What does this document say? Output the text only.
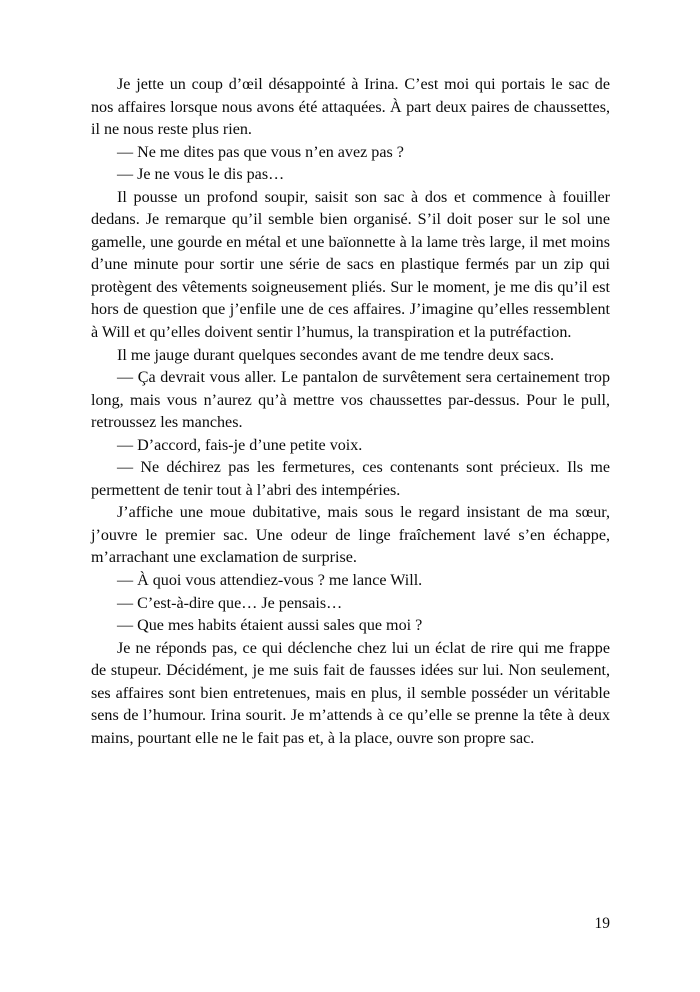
Je jette un coup d’œil désappointé à Irina. C’est moi qui portais le sac de nos affaires lorsque nous avons été attaquées. À part deux paires de chaussettes, il ne nous reste plus rien.

— Ne me dites pas que vous n’en avez pas ?

— Je ne vous le dis pas…

Il pousse un profond soupir, saisit son sac à dos et commence à fouiller dedans. Je remarque qu’il semble bien organisé. S’il doit poser sur le sol une gamelle, une gourde en métal et une baïonnette à la lame très large, il met moins d’une minute pour sortir une série de sacs en plastique fermés par un zip qui protègent des vêtements soigneusement pliés. Sur le moment, je me dis qu’il est hors de question que j’enfile une de ces affaires. J’imagine qu’elles ressemblent à Will et qu’elles doivent sentir l’humus, la transpiration et la putréfaction.

Il me jauge durant quelques secondes avant de me tendre deux sacs.

— Ça devrait vous aller. Le pantalon de survêtement sera certainement trop long, mais vous n’aurez qu’à mettre vos chaussettes par-dessus. Pour le pull, retroussez les manches.

— D’accord, fais-je d’une petite voix.

— Ne déchirez pas les fermetures, ces contenants sont précieux. Ils me permettent de tenir tout à l’abri des intempéries.

J’affiche une moue dubitative, mais sous le regard insistant de ma sœur, j’ouvre le premier sac. Une odeur de linge fraîchement lavé s’en échappe, m’arrachant une exclamation de surprise.

— À quoi vous attendiez-vous ? me lance Will.

— C’est-à-dire que… Je pensais…

— Que mes habits étaient aussi sales que moi ?

Je ne réponds pas, ce qui déclenche chez lui un éclat de rire qui me frappe de stupeur. Décidément, je me suis fait de fausses idées sur lui. Non seulement, ses affaires sont bien entretenues, mais en plus, il semble posséder un véritable sens de l’humour. Irina sourit. Je m’attends à ce qu’elle se prenne la tête à deux mains, pourtant elle ne le fait pas et, à la place, ouvre son propre sac.

19
